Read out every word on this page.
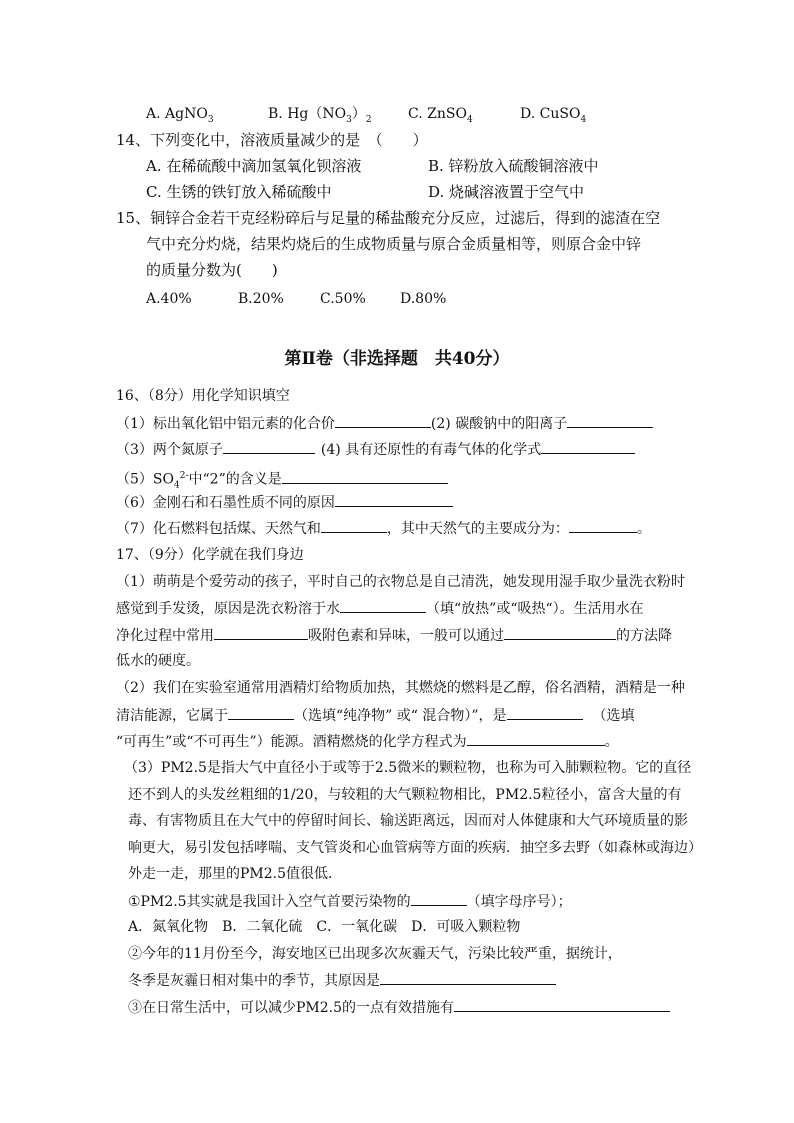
A. AgNO$_3$	B. $Hg(NO_3)_2$	C. ZnSO$_4$	D. CuSO$_4$
14、下列变化中，溶液质量减少的是　（　　）
A. 在稀硫酸中滴加氢氧化钡溶液	B. 锌粉放入硫酸铜溶液中
C. 生锈的铁钉放入稀硫酸中	D. 烧碱溶液置于空气中
15、铜锌合金若干克经粉碎后与足量的稀盐酸充分反应，过滤后，得到的滤渣在空
气中充分灼烧，结果灼烧后的生成物质量与原合金质量相等，则原合金中锌
的质量分数为(　　)
A.40%	B.20%	C.50% D.80%
第Ⅱ卷（非选择题　共40分）
16、（8分）用化学知识填空
（1）标出氧化铝中铝元素的化合价	(2) 碳酸钠中的阳离子
（3）两个氮原子	(4) 具有还原性的有毒气体的化学式
$(5)SO_4^{2-}$中“2”的含义是
（6）金刚石和石墨性质不同的原因
（7）化石燃料包括煤、天然气和	，其中天然气的主要成分为：	。
17、（9分）化学就在我们身边
（1）萌萌是个爱劳动的孩子，平时自己的衣物总是自己清洗，她发现用湿手取少量洗衣粉时
感觉到手发烫，原因是洗衣粉溶于水	（填“放热”或“吸热“）。生活用水在
净化过程中常用	吸附色素和异味，一般可以通过	的方法降
低水的硬度。
（2）我们在实验室通常用酒精灯给物质加热，其燃烧的燃料是乙醇，俗名酒精，酒精是一种
清洁能源，它属于	（选填“纯净物” 或“ 混合物）”，是	（选填
“可再生”或“不可再生”）能源。酒精燃烧的化学方程式为	。
（3）PM2.5是指大气中直径小于或等于2.5微米的颗粒物，也称为可入肺颗粒物。它的直径
还不到人的头发丝粗细的1/20，与较粗的大气颗粒物相比，PM2.5粒径小，富含大量的有
毒、有害物质且在大气中的停留时间长、输送距离远，因而对人体健康和大气环境质量的影
响更大，易引发包括哮喘、支气管炎和心血管病等方面的疾病．抽空多去野（如森林或海边）
外走一走，那里的PM2.5值很低．
①PM2.5其实就是我国计入空气首要污染物的	（填字母序号）；
A．氮氧化物　B．二氧化硫　C．一氧化碳　D．可吸入颗粒物
②今年的11月份至今，海安地区已出现多次灰霾天气，污染比较严重，据统计，
冬季是灰霾日相对集中的季节，其原因是
③在日常生活中，可以减少PM2.5的一点有效措施有
